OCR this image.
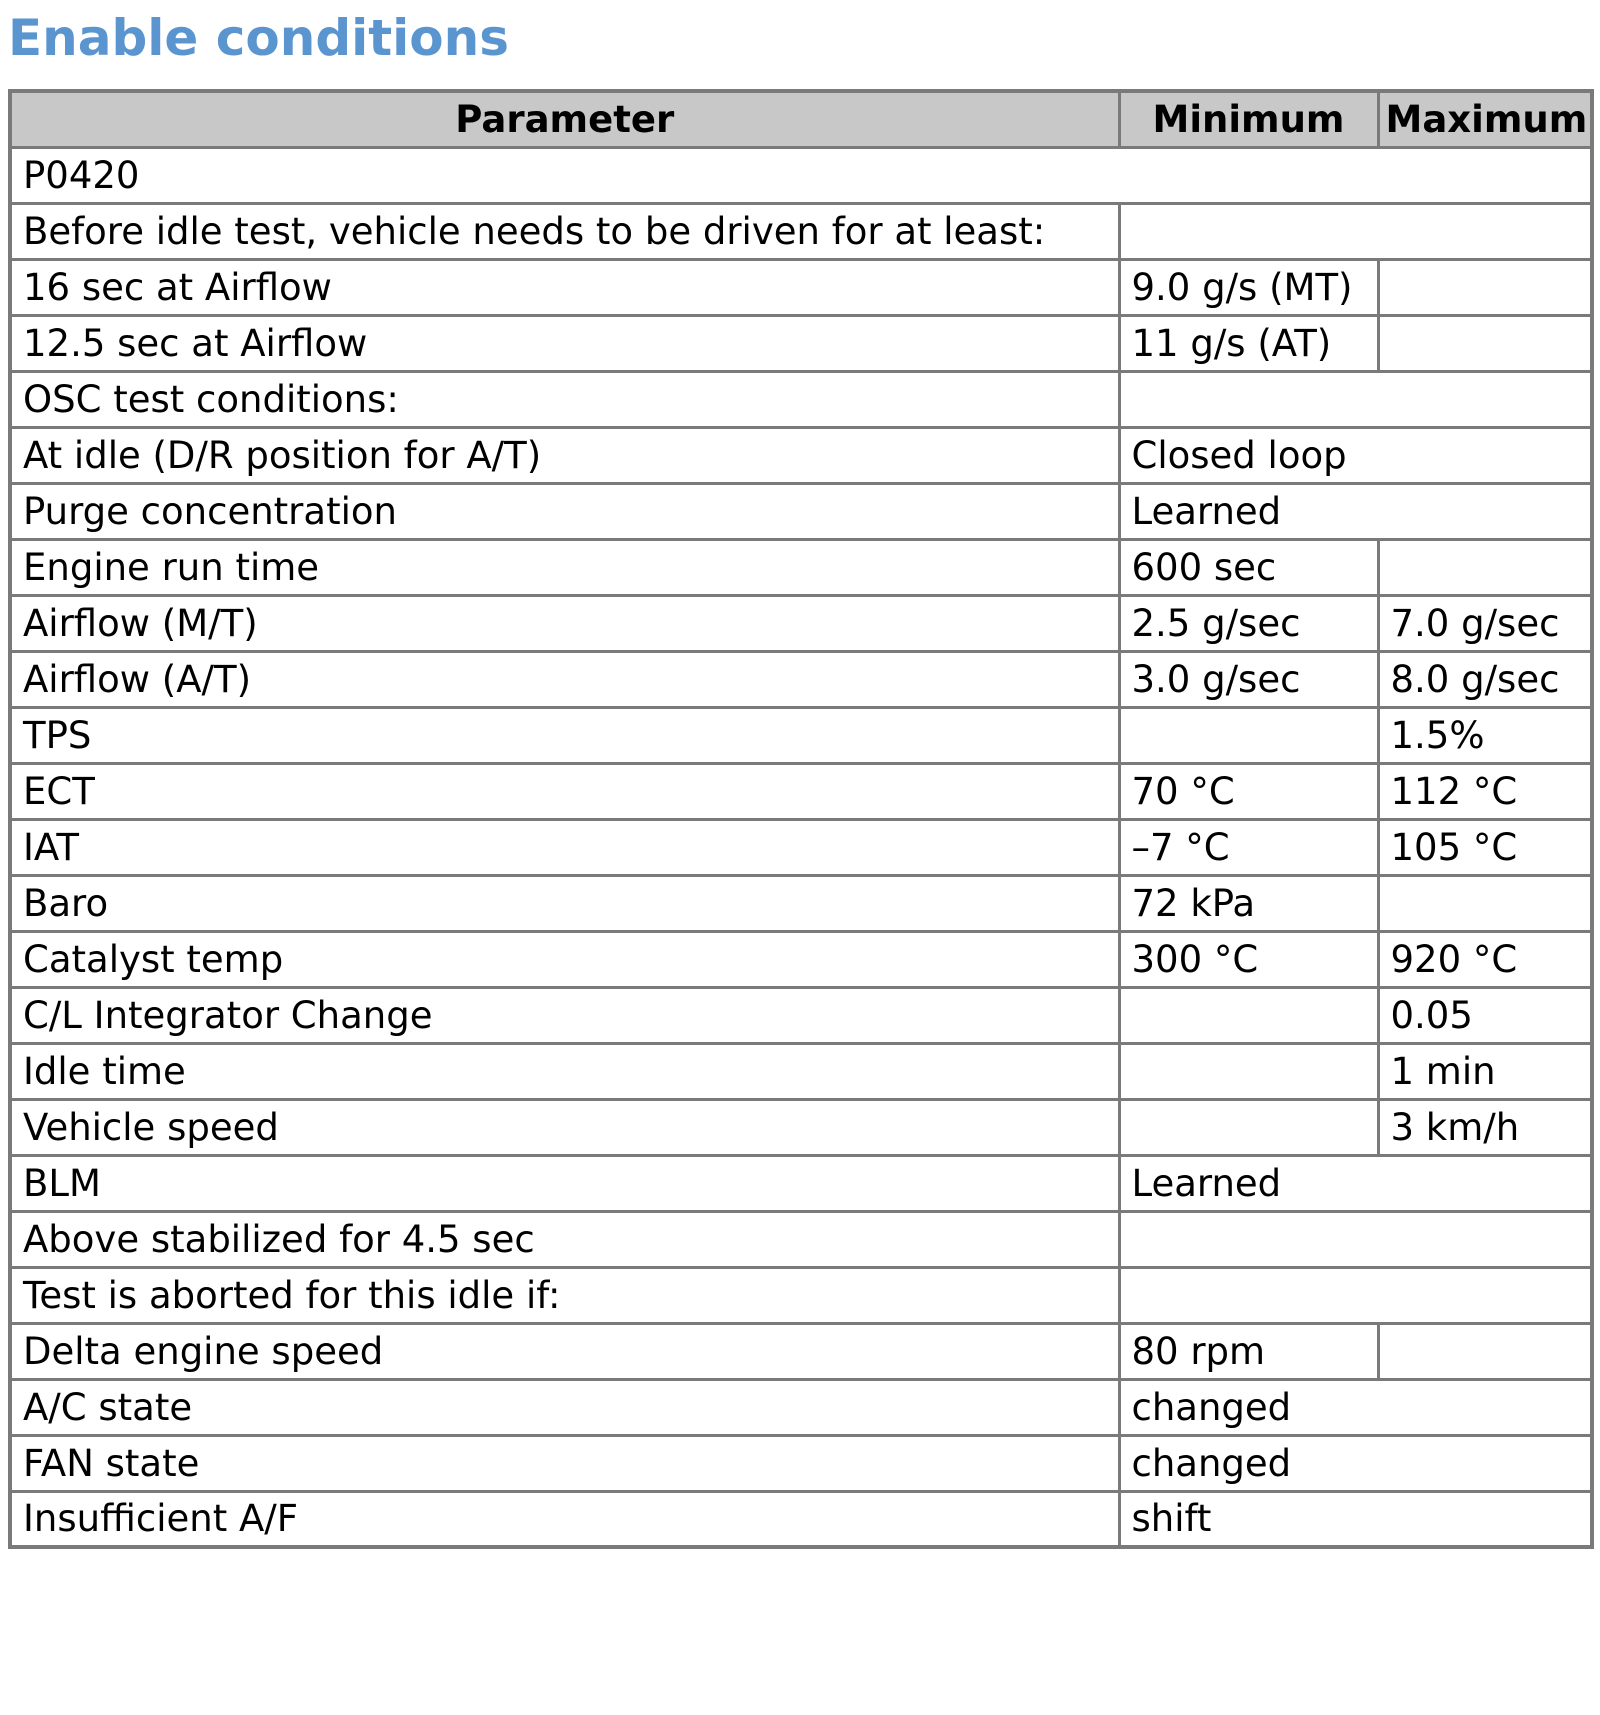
Enable conditions
Parameter	Minimum	Maximum
P0420		
Before idle test, vehicle needs to be driven for at least:		
16 sec at Airflow	9.0 g/s (MT)	
12.5 sec at Airflow	11 g/s (AT)	
OSC test conditions:		
At idle (D/R position for A/T)	Closed loop	
Purge concentration	Learned	
Engine run time	600 sec	
Airflow (M/T)	2.5 g/sec	7.0 g/sec
Airflow (A/T)	3.0 g/sec	8.0 g/sec
TPS		1.5%
ECT	70 °C	112 °C
IAT	–7 °C	105 °C
Baro	72 kPa	
Catalyst temp	300 °C	920 °C
C/L Integrator Change		0.05
Idle time		1 min
Vehicle speed		3 km/h
BLM	Learned	
Above stabilized for 4.5 sec		
Test is aborted for this idle if:		
Delta engine speed	80 rpm	
A/C state	changed	
FAN state	changed	
Insufficient A/F	shift	
